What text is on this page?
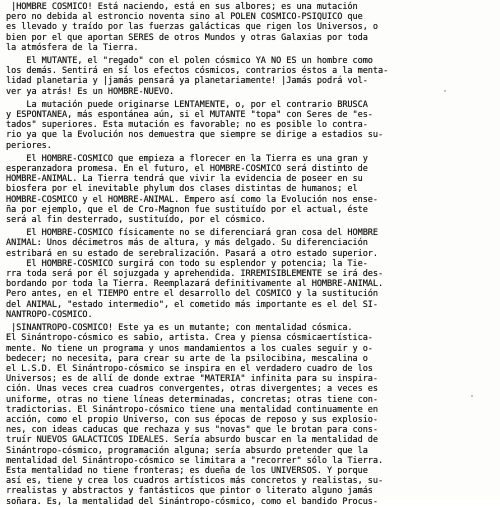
|HOMBRE COSMICO! Está naciendo, está en sus albores; es una mutación
pero no debida al estroncio noventa sino al POLEN COSMICO-PSIQUICO que
es llevado y traído por las fuerzas galácticas que rigen los Universos, o
bien por el que aportan SERES de otros Mundos y otras Galaxias por toda
la atmósfera de la Tierra.

El MUTANTE, el "regado" con el polen cósmico YA NO ES un hombre como
los demás. Sentirá en sí los efectos cósmicos, contrarios éstos a la menta-
lidad planetaria y |jamás pensará ya planetariamente! |Jamás podrá vol-
ver ya atrás! Es un HOMBRE-NUEVO.

La mutación puede originarse LENTAMENTE, o, por el contrario BRUSCA
y ESPONTANEA, más espontánea aún, si el MUTANTE "topa" con Seres de "es-
tados" superiores. Esta mutación es favorable; no es posible lo contra-
rio ya que la Evolución nos demuestra que siempre se dirige a estadios su-
periores.

El HOMBRE-COSMICO que empieza a florecer en la Tierra es una gran y
esperanzadora promesa. En el futuro, el HOMBRE-COSMICO será distinto de
HOMBRE-ANIMAL. La Tierra tendrá que vivir la evidencia de poseer en su
biosfera por el inevitable phylum dos clases distintas de humanos; el
HOMBRE-COSMICO y el HOMBRE-ANIMAL. Empero así como la Evolución nos ense-
ña por ejemplo, que el de Cro-Magnon fue sustituído por el actual, éste
será al fin desterrado, sustituído, por el cósmico.

El HOMBRE-COSMICO físicamente no se diferenciará gran cosa del HOMBRE
ANIMAL: Unos décimetros más de altura, y más delgado. Su diferenciación
estribará en su estado de serebralización. Pasará a otro estado superior.
El HOMBRE-COSMICO surgirá con todo su esplendor y potencia; la Tie-
rra toda será por él sojuzgada y aprehendida. IRREMISIBLEMENTE se irá des-
bordando por toda la Tierra. Reemplazará definitivamente al HOMBRE-ANIMAL.
Pero antes, en el TIEMPO entre el desarrollo del COSMICO y la sustitución
del ANIMAL, "estado intermedio", el cometido más importante es el del SI-
NANTROPO-COSMICO.

|SINANTROPO-COSMICO! Este ya es un mutante; con mentalidad cósmica.
El Sinántropo-cósmico es sabio, artista. Crea y piensa cósmicaertística-
mente. No tiene un programa y unos mandamientos a los cuales seguir y o-
bedecer; no necesita, para crear su arte de la psilocibina, mescalina o
el L.S.D. El Sinántropo-cósmico se inspira en el verdadero cuadro de los
Universos; es de allí de donde extrae "MATERIA" infinita para su inspira-
ción. Unas veces crea cuadros convergentes, otras divergentes; a veces es
uniforme, otras no tiene líneas determinadas, concretas; otras tiene con-
tradictorias. El Sinántropo-cósmico tiene una mentalidad continuamente en
acción, como el propio Universo, con sus épocas de reposo y sus explosio-
nes, con ideas caducas que rechaza y sus "novas" que le brotan para cons-
truír NUEVOS GALACTICOS IDEALES. Sería absurdo buscar en la mentalidad de
Sinántropo-cósmico, programación alguna; sería absurdo pretender que la
mentalidad del Sinántropo-cósmico se limitara a "recorrer" sólo la Tierra.
Esta mentalidad no tiene fronteras; es dueña de los UNIVERSOS. Y porque
así es, tiene y crea los cuadros artísticos más concretos y realistas, su-
rrealistas y abstractos y fantásticos que pintor o literato alguno jamás
soñara. Es, la mentalidad del Sinántropo-cósmico, como el bandido Procus-
